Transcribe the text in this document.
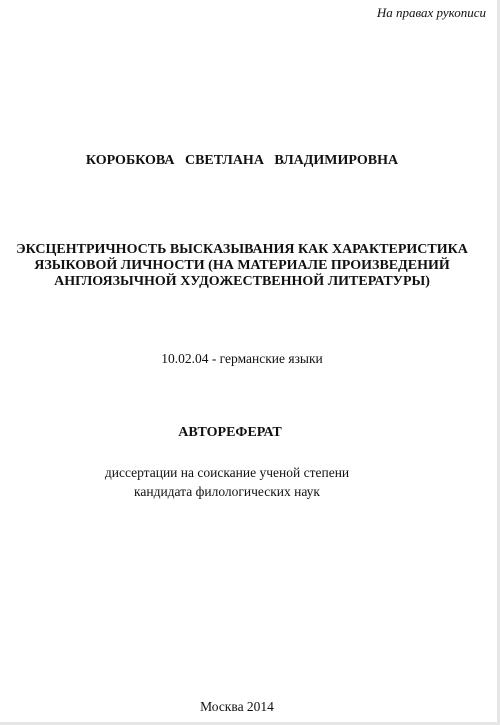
На правах рукописи
КОРОБКОВА СВЕТЛАНА ВЛАДИМИРОВНА
ЭКСЦЕНТРИЧНОСТЬ ВЫСКАЗЫВАНИЯ КАК ХАРАКТЕРИСТИКА
ЯЗЫКОВОЙ ЛИЧНОСТИ (НА МАТЕРИАЛЕ ПРОИЗВЕДЕНИЙ
АНГЛОЯЗЫЧНОЙ ХУДОЖЕСТВЕННОЙ ЛИТЕРАТУРЫ)
10.02.04 - германские языки
АВТОРЕФЕРАТ
диссертации на соискание ученой степени
кандидата филологических наук
Москва 2014
